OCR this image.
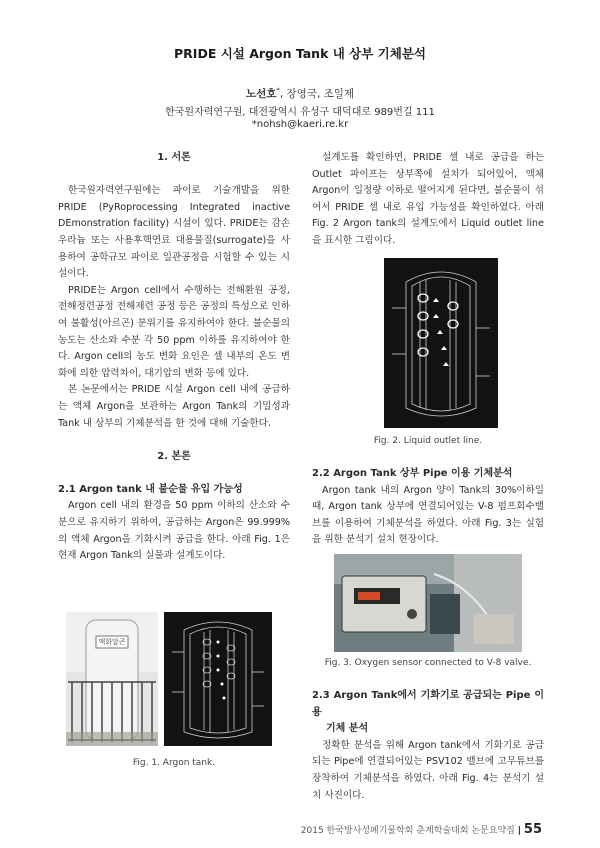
PRIDE 시설 Argon Tank 내 상부 기체분석
노선호*, 장영국, 조일제
한국원자력연구원, 대전광역시 유성구 대덕대로 989번길 111
*nohsh@kaeri.re.kr

1. 서론

한국원자력연구원에는 파이로 기술개발을 위한 PRIDE (PyRoprocessing Integrated inactive DEmonstration facility) 시설이 있다. PRIDE는 감손우라늄 또는 사용후핵연료 대용물질(surrogate)을 사용하여 공학규모 파이로 일관공정을 시험할 수 있는 시설이다.

PRIDE는 Argon cell에서 수행하는 전해환원 공정, 전해정련공정 전해제련 공정 등은 공정의 특성으로 인하여 불활성(아르곤) 분위기를 유지하여야 한다. 불순물의 농도는 산소와 수분 각 50 ppm 이하를 유지하여야 한다. Argon cell의 농도 변화 요인은 셀 내부의 온도 변화에 의한 압력차이, 대기압의 변화 등에 있다.

본 논문에서는 PRIDE 시설 Argon cell 내에 공급하는 액체 Argon을 보관하는 Argon Tank의 기밀성과 Tank 내 상부의 기체분석을 한 것에 대해 기술한다.

2. 본론

2.1 Argon tank 내 불순물 유입 가능성

Argon cell 내의 환경을 50 ppm 이하의 산소와 수분으로 유지하기 위하여, 공급하는 Argon은 99.999%의 액체 Argon을 기화시켜 공급을 한다. 아래 Fig. 1은 현재 Argon Tank의 실물과 설계도이다.

액화알곤
Fig. 1. Argon tank.

설계도를 확인하면, PRIDE 셀 내로 공급을 하는 Outlet 파이프는 상부쪽에 설치가 되어있어, 액체 Argon이 일정량 이하로 떨어지게 된다면, 불순물이 섞여서 PRIDE 셀 내로 유입 가능성을 확인하였다. 아래 Fig. 2 Argon tank의 설계도에서 Liquid outlet line을 표시한 그림이다.

Fig. 2. Liquid outlet line.

2.2 Argon Tank 상부 Pipe 이용 기체분석

Argon tank 내의 Argon 양이 Tank의 30%이하일 때, Argon tank 상부에 연결되어있는 V-8 펌프회수밸브를 이용하여 기체분석을 하였다. 아래 Fig. 3는 실험을 위한 분석기 설치 현장이다.

Fig. 3. Oxygen sensor connected to V-8 valve.

2.3 Argon Tank에서 기화기로 공급되는 Pipe 이용

기체 분석

정확한 분석을 위해 Argon tank에서 기화기로 공급되는 Pipe에 연결되어있는 PSV102 밸브에 고무튜브를 장착하여 기체분석을 하였다. 아래 Fig. 4는 분석기 설치 사진이다.

2015 한국방사성폐기물학회 춘계학술대회 논문요약집 | 55
